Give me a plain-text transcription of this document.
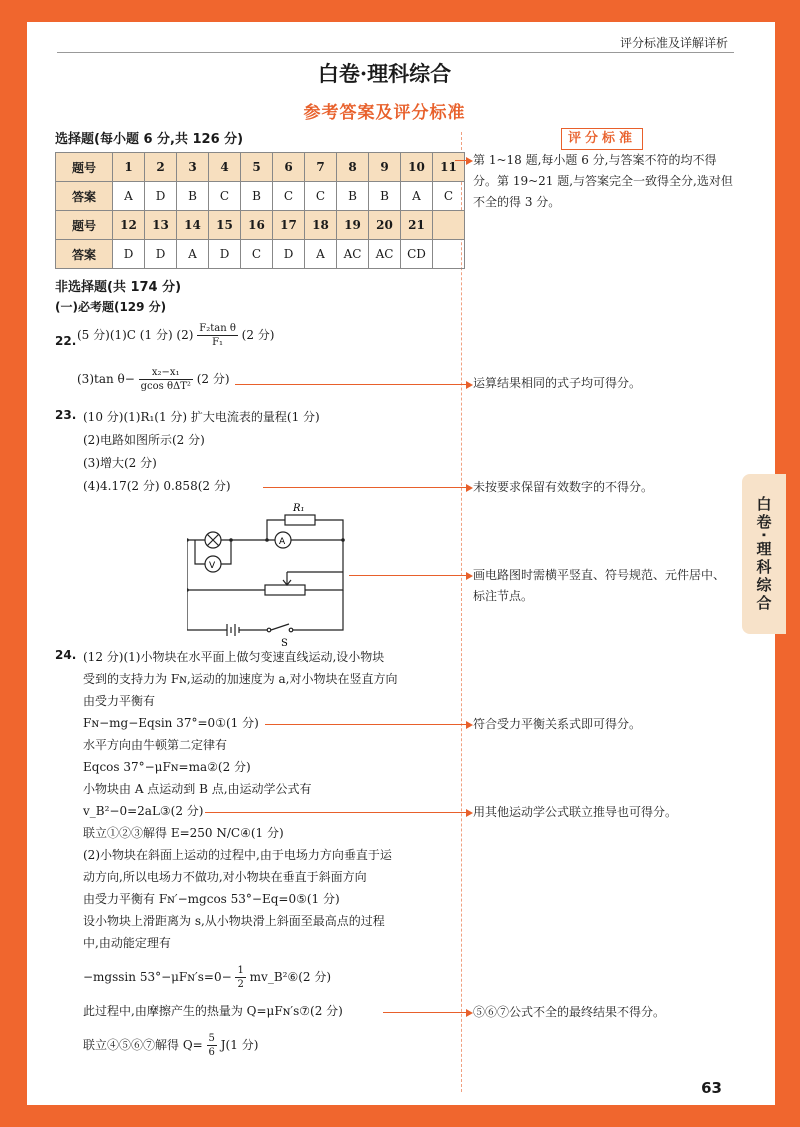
白卷·理科综合
评分标准及详解详析
白卷·理科综合
参考答案及评分标准
评分标准
选择题(每小题 6 分,共 126 分)
题号	1	2	3	4	5	6	7	8	9	10	11
答案	A	D	B	C	B	C	C	B	B	A	C
题号	12	13	14	15	16	17	18	19	20	21	
答案	D	D	A	D	C	D	A	AC	AC	CD	
第 1~18 题,每小题 6 分,与答案不符的均不得分。第 19~21 题,与答案完全一致得全分,选对但不全的得 3 分。
非选择题(共 174 分)
(一)必考题(129 分)
22. (5 分)(1)C (1 分) $(2) \frac{\text{F₂tan θ}}{\text{F₁}} (2$ 分)
(3)tan $\theta- \frac{\text{x₂−x₁}}{\text{gcos θΔT²}} (2$ 分)	运算结果相同的式子均可得分。
23. (10 分)(1)R₁(1 分) 扩大电流表的量程(1 分)
(2)电路如图所示(2 分)
(3)增大(2 分)
(4)4.17(2 分) 0.858(2 分)	未按要求保留有效数字的不得分。
画电路图时需横平竖直、符号规范、元件居中、标注节点。
24. (12 分)(1)小物块在水平面上做匀变速直线运动,设小物块
受到的支持力为 Fɴ,运动的加速度为 a,对小物块在竖直方向
由受力平衡有
Fɴ−mg−Eqsin 37°=0①(1 分)	符合受力平衡关系式即可得分。
水平方向由牛顿第二定律有
Eqcos 37°−μFɴ=ma②(2 分)
小物块由 A 点运动到 B 点,由运动学公式有
v_B²−0=2aL③(2 分)	用其他运动学公式联立推导也可得分。
联立①②③解得 E=250 N/C④(1 分)
(2)小物块在斜面上运动的过程中,由于电场力方向垂直于运
动方向,所以电场力不做功,对小物块在垂直于斜面方向
由受力平衡有 Fɴ′−mgcos 53°−Eq=0⑤(1 分)
设小物块上滑距离为 s,从小物块滑上斜面至最高点的过程
中,由动能定理有
−mgssin 53°−μFɴ′s=0− $\frac{1}{2}$ mv_B²⑥(2 分)
此过程中,由摩擦产生的热量为 Q=μFɴ′s⑦(2 分)	⑤⑥⑦公式不全的最终结果不得分。
联立④⑤⑥⑦解得 $Q= \frac{5}{6} J(1$ 分)
63
R₁
A
V
S
